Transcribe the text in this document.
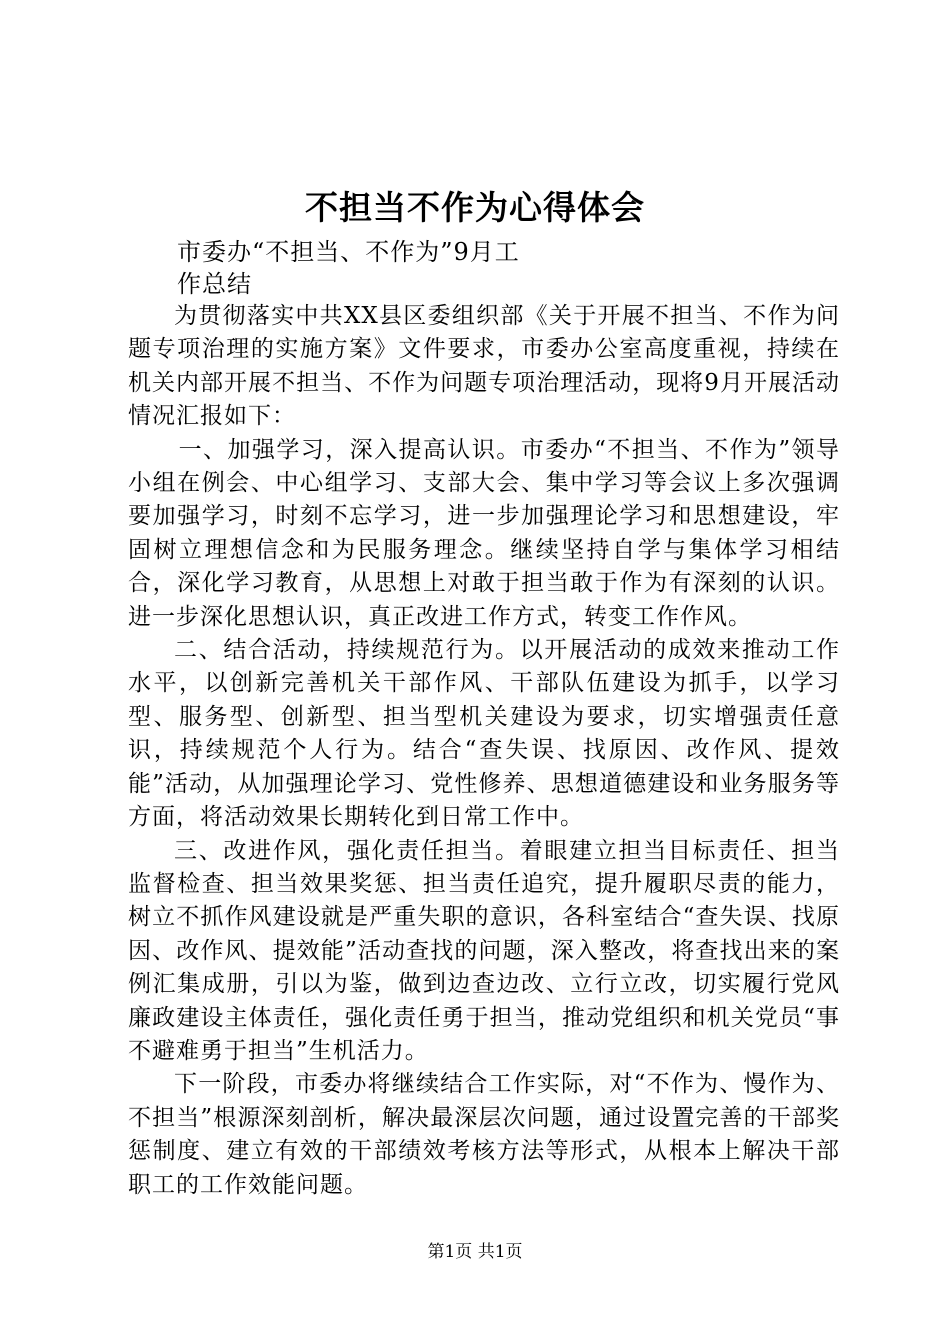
不担当不作为心得体会
市委办“不担当、不作为”9月工
作总结

为贯彻落实中共XX县区委组织部《关于开展不担当、不作为问题专项治理的实施方案》文件要求，市委办公室高度重视，持续在机关内部开展不担当、不作为问题专项治理活动，现将9月开展活动情况汇报如下：

一、加强学习，深入提高认识。市委办“不担当、不作为”领导小组在例会、中心组学习、支部大会、集中学习等会议上多次强调要加强学习，时刻不忘学习，进一步加强理论学习和思想建设，牢固树立理想信念和为民服务理念。继续坚持自学与集体学习相结合，深化学习教育，从思想上对敢于担当敢于作为有深刻的认识。进一步深化思想认识，真正改进工作方式，转变工作作风。

二、结合活动，持续规范行为。以开展活动的成效来推动工作水平，以创新完善机关干部作风、干部队伍建设为抓手，以学习型、服务型、创新型、担当型机关建设为要求，切实增强责任意识，持续规范个人行为。结合“查失误、找原因、改作风、提效能”活动，从加强理论学习、党性修养、思想道德建设和业务服务等方面，将活动效果长期转化到日常工作中。

三、改进作风，强化责任担当。着眼建立担当目标责任、担当监督检查、担当效果奖惩、担当责任追究，提升履职尽责的能力，树立不抓作风建设就是严重失职的意识，各科室结合“查失误、找原因、改作风、提效能”活动查找的问题，深入整改，将查找出来的案例汇集成册，引以为鉴，做到边查边改、立行立改，切实履行党风廉政建设主体责任，强化责任勇于担当，推动党组织和机关党员“事不避难勇于担当”生机活力。

下一阶段，市委办将继续结合工作实际，对“不作为、慢作为、不担当”根源深刻剖析，解决最深层次问题，通过设置完善的干部奖惩制度、建立有效的干部绩效考核方法等形式，从根本上解决干部职工的工作效能问题。

第1页 共1页
